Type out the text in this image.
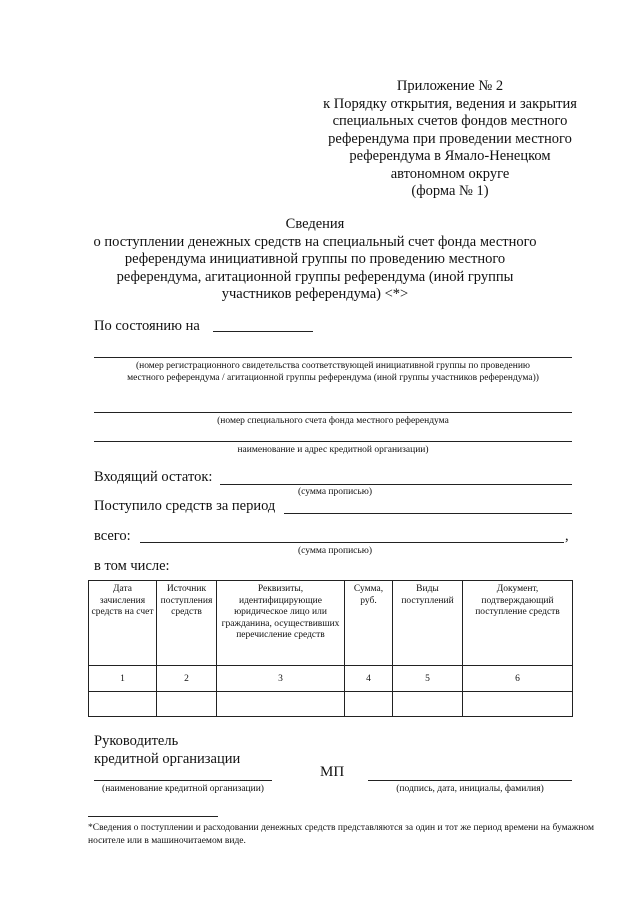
Приложение № 2
к Порядку открытия, ведения и закрытия
специальных счетов фондов местного
референдума при проведении местного
референдума в Ямало-Ненецком
автономном округе
(форма № 1)
Сведения
о поступлении денежных средств на специальный счет фонда местного
референдума инициативной группы по проведению местного
референдума, агитационной группы референдума (иной группы
участников референдума) <*>
По состоянию на
(номер регистрационного свидетельства соответствующей инициативной группы по проведению
местного референдума / агитационной группы референдума (иной группы участников референдума))
(номер специального счета фонда местного референдума
наименование и адрес кредитной организации)
Входящий остаток:
(сумма прописью)
Поступило средств за период
всего:	,
(сумма прописью)
в том числе:
Дата зачисления средств на счет	Источник поступления средств	Реквизиты, идентифицирующие юридическое лицо или гражданина, осуществивших перечисление средств	Сумма, руб.	Виды поступлений	Документ, подтверждающий поступление средств
1	2	3	4	5	6

Руководитель
кредитной организации
МП
(наименование кредитной организации)	(подпись, дата, инициалы, фамилия)
*Сведения о поступлении и расходовании денежных средств представляются за один и тот же период времени на бумажном носителе или в машиночитаемом виде.
